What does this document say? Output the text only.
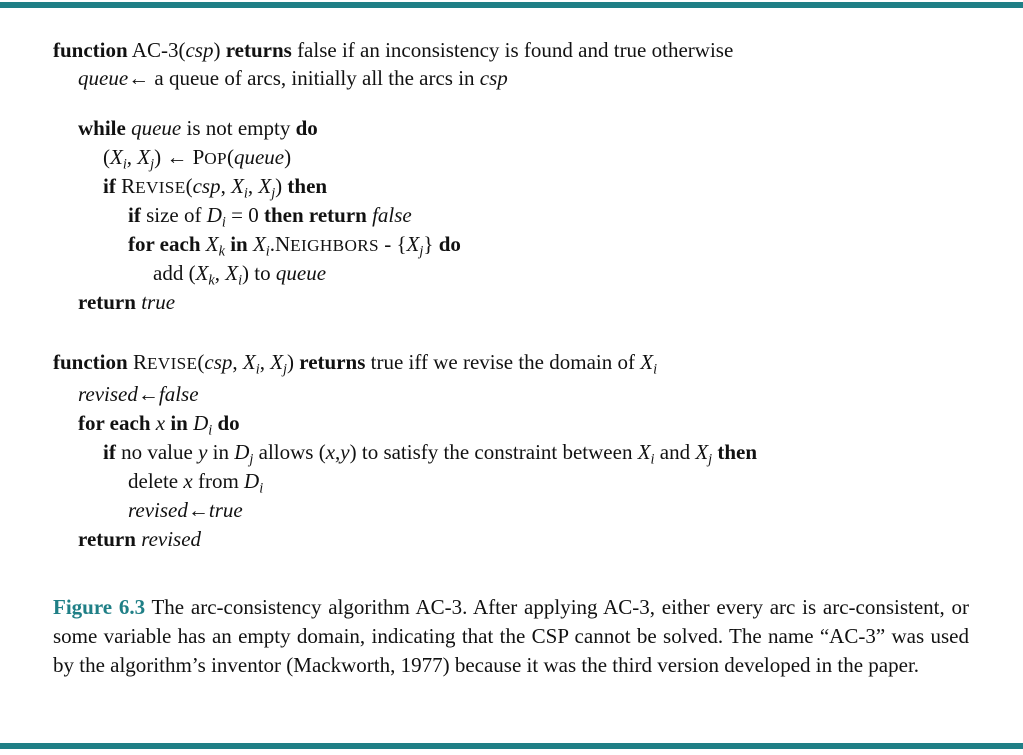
function AC-3(csp) returns false if an inconsistency is found and true otherwise
queue← a queue of arcs, initially all the arcs in csp
while queue is not empty do
($X_i$, $X_j$) ← POP(queue)
if REVISE(csp, $X_i$, $X_j$) then
if size of $D_i = 0$ then return false
for each $X_k$ in $X_i.NEIGHBORS - \{X_j\}$ do
add ($X_k$, $X_i$) to queue
return true
function REVISE(csp, $X_i$, $X_j$) returns true iff we revise the domain of $X_i$
revised←false
for each x in $D_i$ do
if no value y in $D_j$ allows (x,y) to satisfy the constraint between $X_i$ and $X_j$ then
delete x from $D_i$
revised←true
return revised
Figure 6.3 The arc-consistency algorithm AC-3. After applying AC-3, either every arc is arc-consistent, or some variable has an empty domain, indicating that the CSP cannot be solved. The name “AC-3” was used by the algorithm’s inventor (Mackworth, 1977) because it was the third version developed in the paper.
